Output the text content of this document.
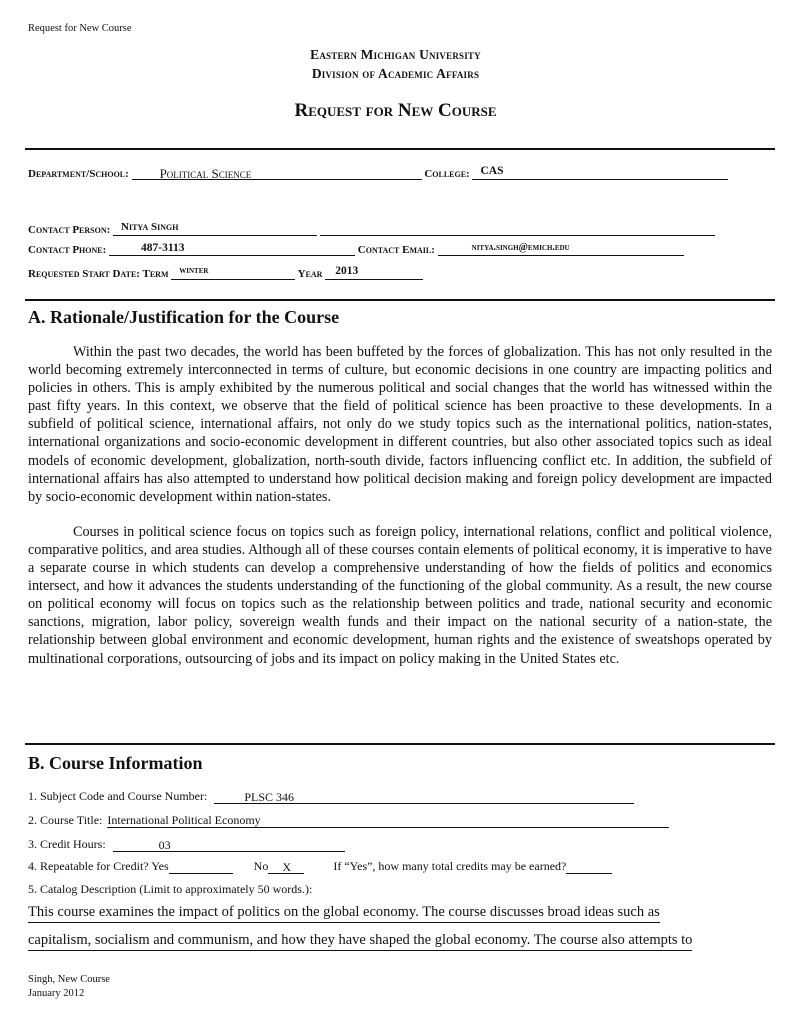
Request for New Course
Eastern Michigan University
Division of Academic Affairs
Request for New Course
Department/School: Political Science	College: CAS
Contact Person: Nitya Singh
Contact Phone:	487-3113	Contact Email:	nitya.singh@emich.edu
Requested Start Date: Term winter	Year 2013
A. Rationale/Justification for the Course

Within the past two decades, the world has been buffeted by the forces of globalization. This has not only resulted in the world becoming extremely interconnected in terms of culture, but economic decisions in one country are impacting politics and policies in others. This is amply exhibited by the numerous political and social changes that the world has witnessed within the past fifty years. In this context, we observe that the field of political science has been proactive to these developments. In a subfield of political science, international affairs, not only do we study topics such as the international politics, nation-states, international organizations and socio-economic development in different countries, but also other associated topics such as ideal models of economic development, globalization, north-south divide, factors influencing conflict etc. In addition, the subfield of international affairs has also attempted to understand how political decision making and foreign policy development are impacted by socio-economic development within nation-states.

Courses in political science focus on topics such as foreign policy, international relations, conflict and political violence, comparative politics, and area studies. Although all of these courses contain elements of political economy, it is imperative to have a separate course in which students can develop a comprehensive understanding of how the fields of politics and economics intersect, and how it advances the students understanding of the functioning of the global community. As a result, the new course on political economy will focus on topics such as the relationship between politics and trade, national security and economic sanctions, migration, labor policy, sovereign wealth funds and their impact on the national security of a nation-state, the relationship between global environment and economic development, human rights and the existence of sweatshops operated by multinational corporations, outsourcing of jobs and its impact on policy making in the United States etc.

B. Course Information
1. Subject Code and Course Number:	PLSC 346
2. Course Title: International Political Economy
3. Credit Hours:	03
4. Repeatable for Credit? Yes	No X	If “Yes”, how many total credits may be earned?
5. Catalog Description (Limit to approximately 50 words.):
This course examines the impact of politics on the global economy. The course discusses broad ideas such as
capitalism, socialism and communism, and how they have shaped the global economy. The course also attempts to
Singh, New Course
January 2012
